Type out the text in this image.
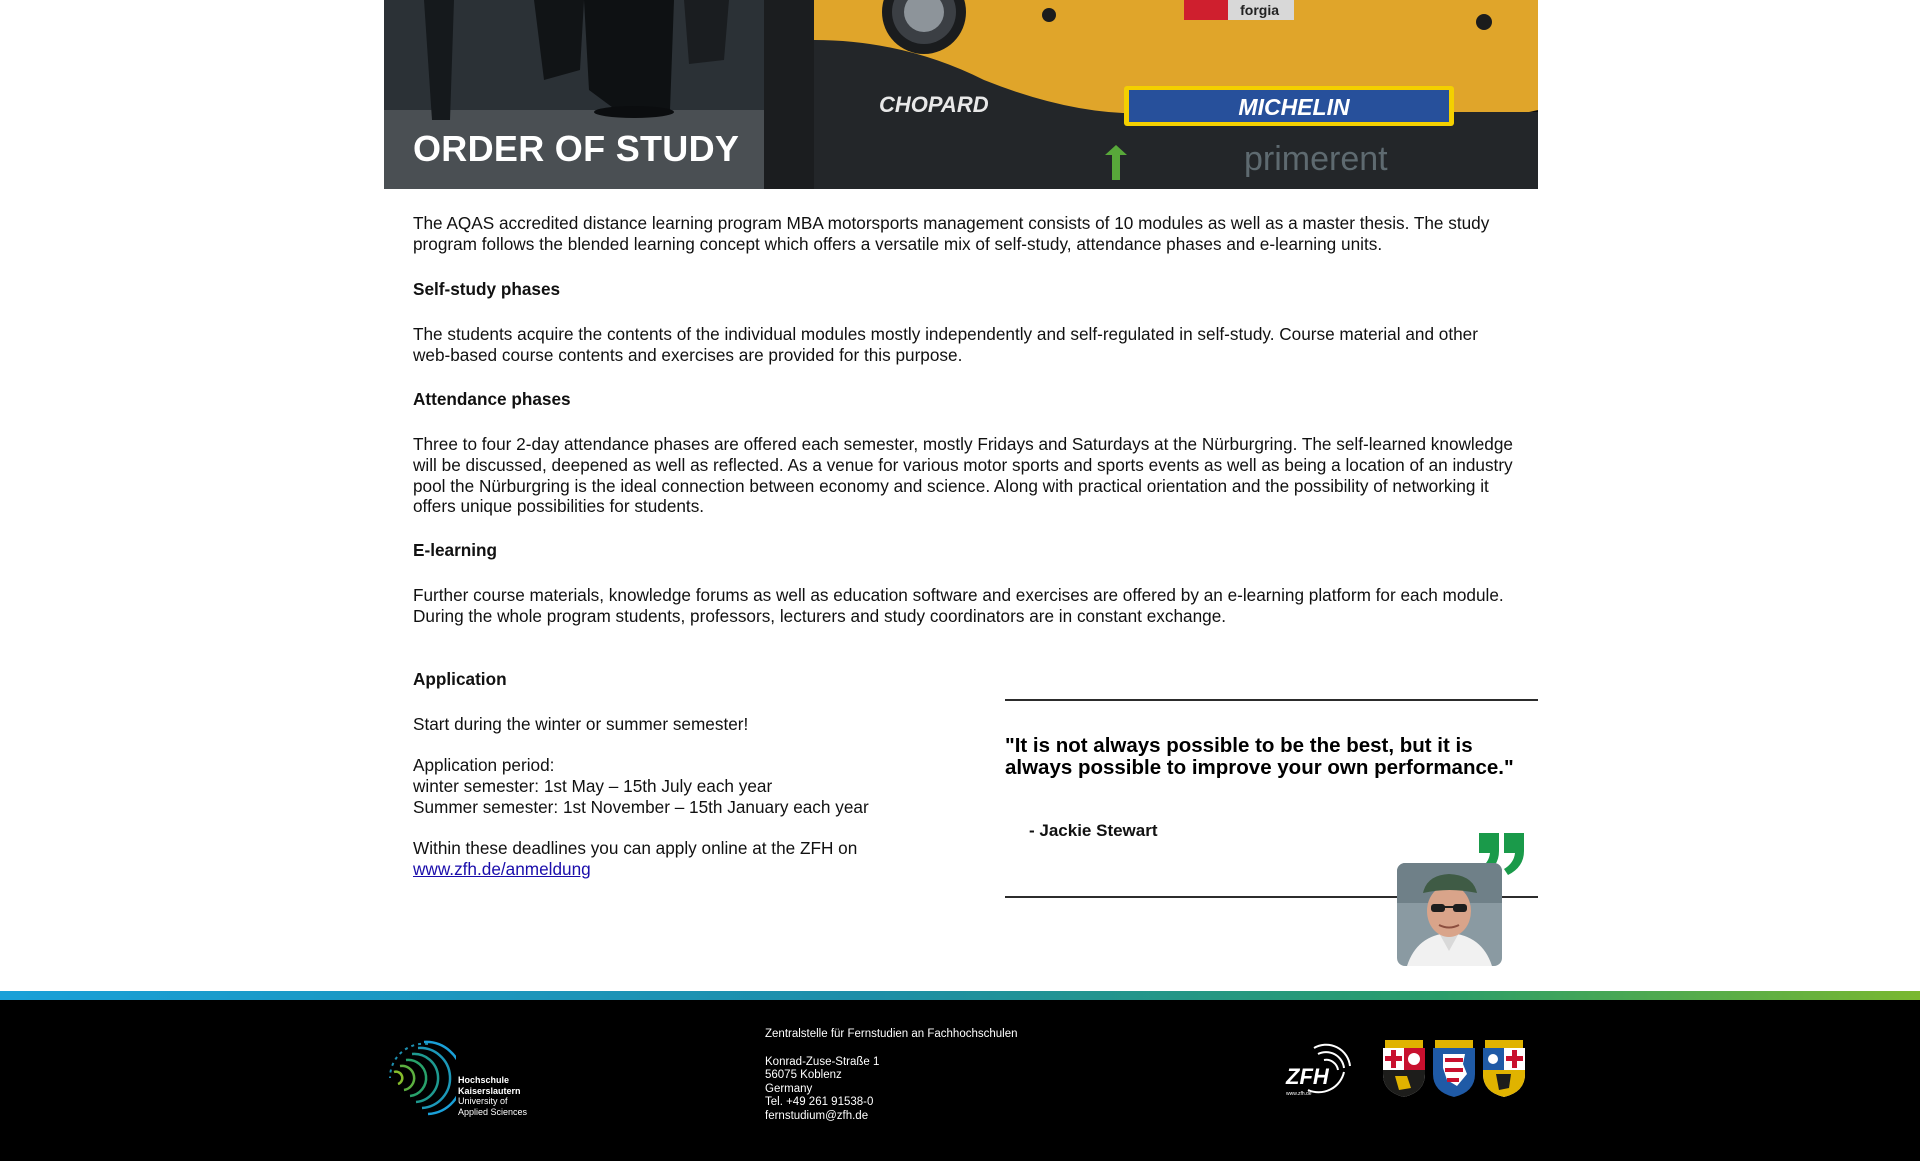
forgia
MICHELIN
CHOPARD
primerent
ORDER OF STUDY

The AQAS accredited distance learning program MBA motorsports management consists of 10 modules as well as a master thesis. The study program follows the blended learning concept which offers a versatile mix of self-study, attendance phases and e-learning units.

Self-study phases

The students acquire the contents of the individual modules mostly independently and self-regulated in self-study. Course material and other web-based course contents and exercises are provided for this purpose.

Attendance phases

Three to four 2-day attendance phases are offered each semester, mostly Fridays and Saturdays at the Nürburgring. The self-learned knowledge will be discussed, deepened as well as reflected. As a venue for various motor sports and sports events as well as being a location of an industry pool the Nürburgring is the ideal connection between economy and science. Along with practical orientation and the possibility of networking it offers unique possibilities for students.

E-learning

Further course materials, knowledge forums as well as education software and exercises are offered by an e-learning platform for each module. During the whole program students, professors, lecturers and study coordinators are in constant exchange.

Application
Start during the winter or summer semester!
Application period:
winter semester: 1st May – 15th July each year
Summer semester: 1st November – 15th January each year
Within these deadlines you can apply online at the ZFH on
www.zfh.de/anmeldung

"It is not always possible to be the best, but it is always possible to improve your own performance."

- Jackie Stewart
Hochschule
Kaiserslautern
University of
Applied Sciences
Zentralstelle für Fernstudien an Fachhochschulen
Konrad-Zuse-Straße 1
56075 Koblenz
Germany
Tel. +49 261 91538-0
fernstudium@zfh.de
ZFH
www.zfh.de
